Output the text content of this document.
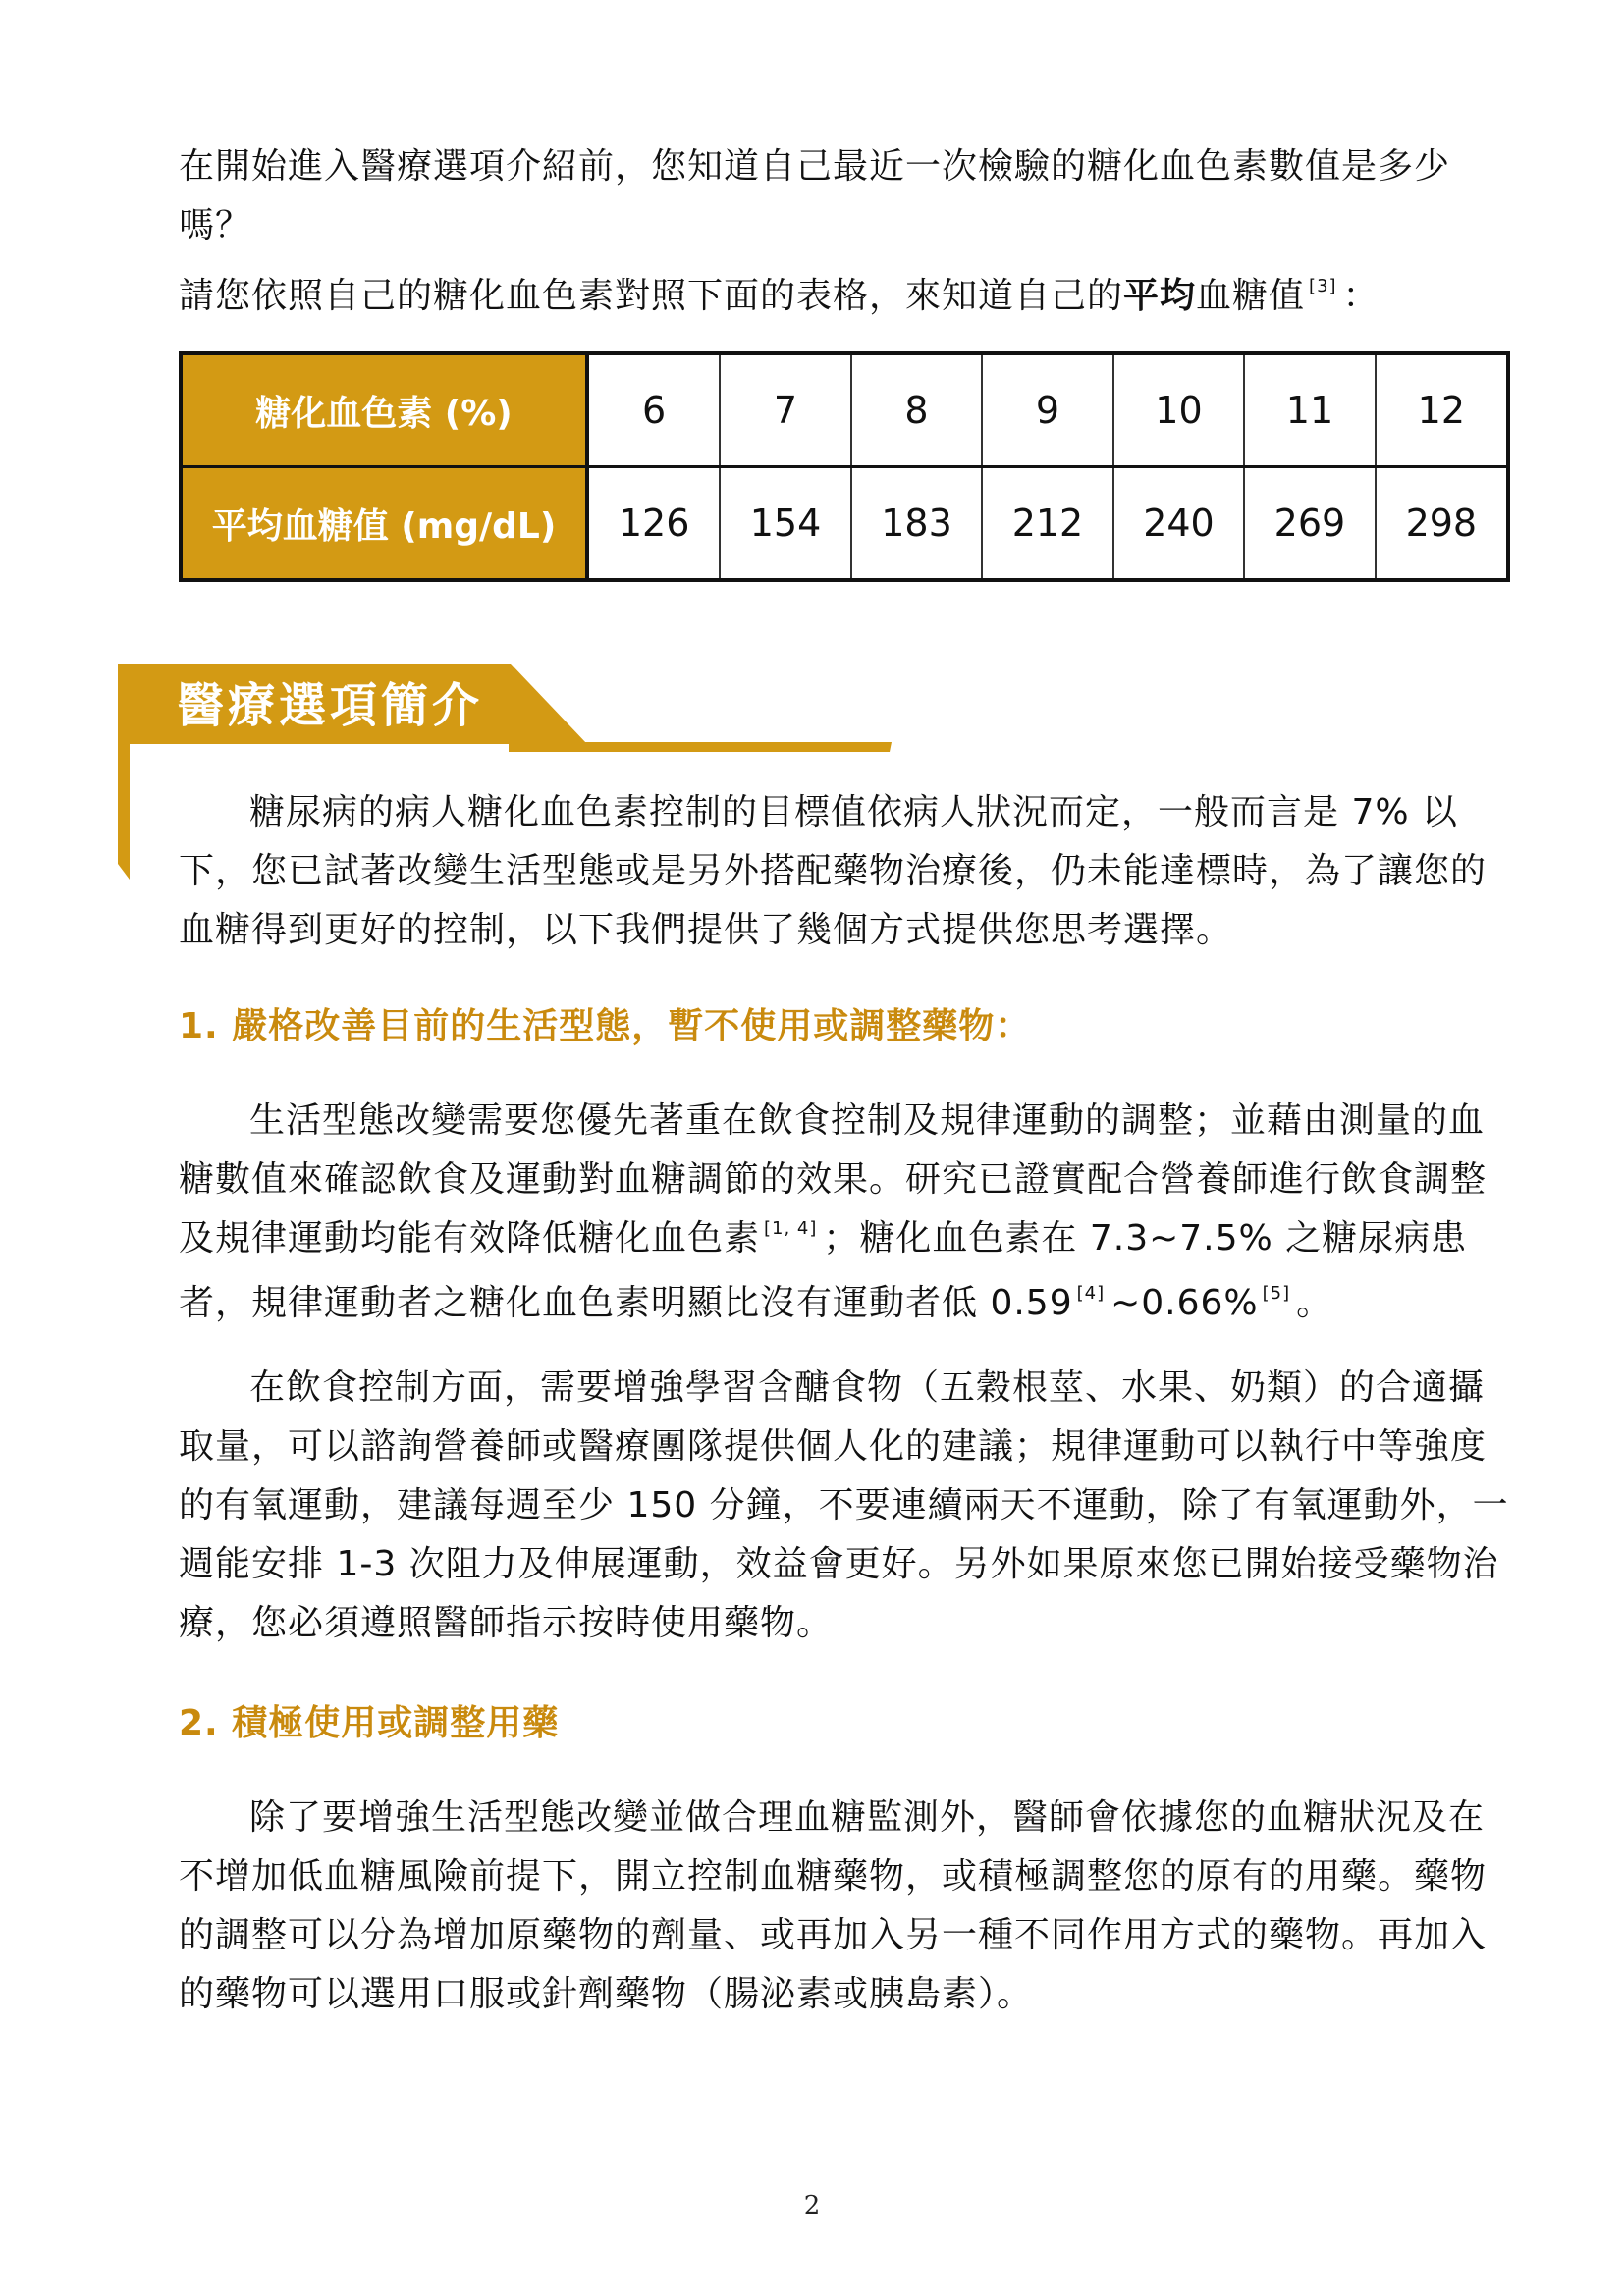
在開始進入醫療選項介紹前，您知道自己最近一次檢驗的糖化血色素數值是多少嗎？

請您依照自己的糖化血色素對照下面的表格，來知道自己的平均血糖值 [3] ：

糖化血色素 (%)	6	7	8	9	10	11	12
平均血糖值 (mg/dL)	126	154	183	212	240	269	298
醫療選項簡介

糖尿病的病人糖化血色素控制的目標值依病人狀況而定，一般而言是 7% 以下，您已試著改變生活型態或是另外搭配藥物治療後，仍未能達標時，為了讓您的血糖得到更好的控制，以下我們提供了幾個方式提供您思考選擇。

1. 嚴格改善目前的生活型態，暫不使用或調整藥物：

生活型態改變需要您優先著重在飲食控制及規律運動的調整；並藉由測量的血糖數值來確認飲食及運動對血糖調節的效果。研究已證實配合營養師進行飲食調整及規律運動均能有效降低糖化血色素 [1, 4] ；糖化血色素在 7.3~7.5% 之糖尿病患者，規律運動者之糖化血色素明顯比沒有運動者低 0.59 [4] ~0.66% [5] 。

在飲食控制方面，需要增強學習含醣食物（五穀根莖、水果、奶類）的合適攝取量，可以諮詢營養師或醫療團隊提供個人化的建議；規律運動可以執行中等強度的有氧運動，建議每週至少 150 分鐘，不要連續兩天不運動，除了有氧運動外，一週能安排 1-3 次阻力及伸展運動，效益會更好。另外如果原來您已開始接受藥物治療，您必須遵照醫師指示按時使用藥物。

2. 積極使用或調整用藥

除了要增強生活型態改變並做合理血糖監測外，醫師會依據您的血糖狀況及在不增加低血糖風險前提下，開立控制血糖藥物，或積極調整您的原有的用藥。藥物的調整可以分為增加原藥物的劑量、或再加入另一種不同作用方式的藥物。再加入的藥物可以選用口服或針劑藥物（腸泌素或胰島素）。

2
